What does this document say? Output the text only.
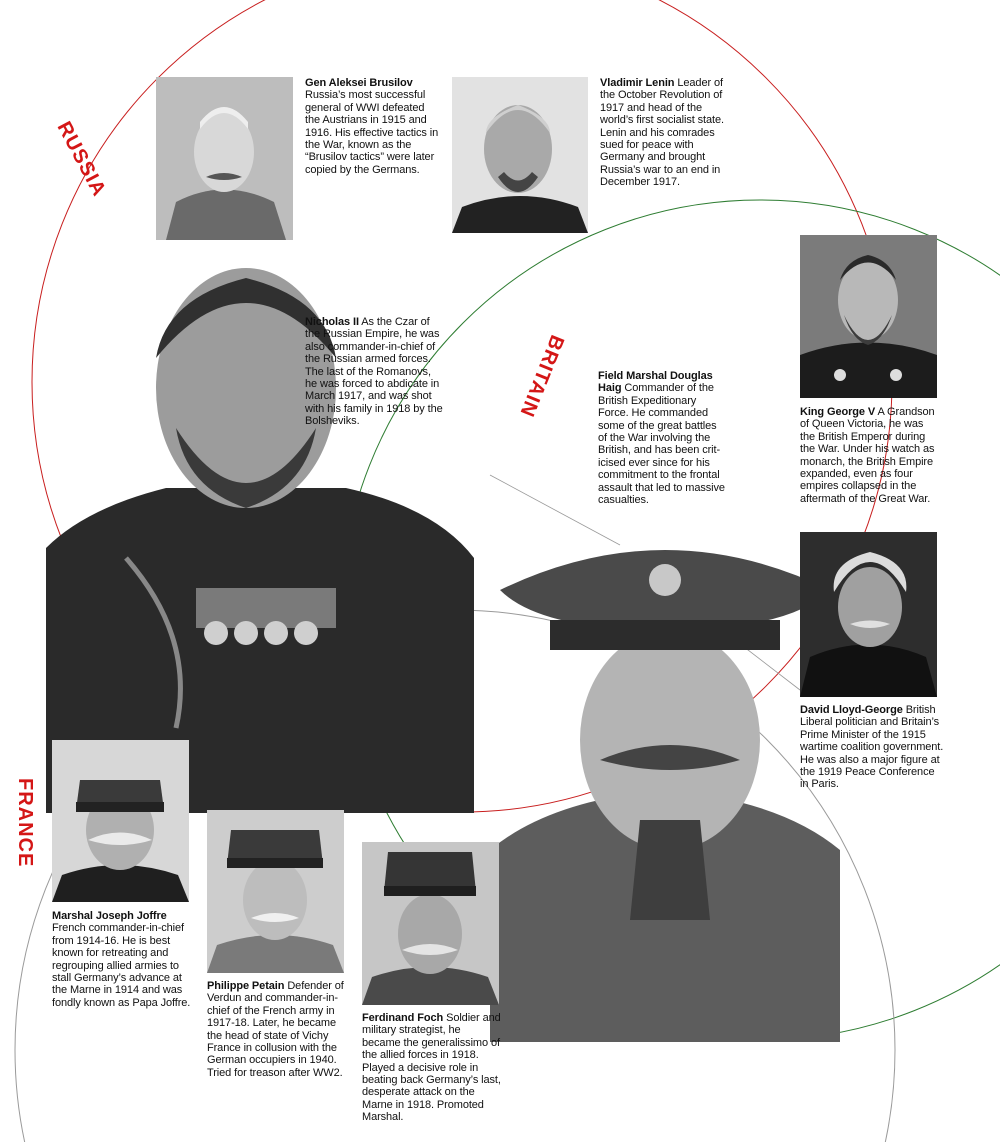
RUSSIA
BRITAIN
FRANCE
Gen Aleksei Brusilov Russia’s most successful general of WWI defeated the Austrians in 1915 and 1916. His effective tactics in the War, known as the “Brusilov tactics” were later copied by the Germans.
Vladimir Lenin Leader of the October Revolution of 1917 and head of the world’s first socialist state. Lenin and his comrades sued for peace with Germany and brought Russia’s war to an end in December 1917.
Nicholas II As the Czar of the Russian Empire, he was also commander-in-chief of the Russian armed forces. The last of the Romanovs, he was forced to abdicate in March 1917, and was shot with his family in 1918 by the Bolsheviks.
King George V A Grandson of Queen Victoria, he was the British Emperor during the War. Under his watch as monarch, the British Empire expanded, even as four empires collapsed in the aftermath of the Great War.
Field Marshal Douglas Haig Commander of the British Expeditionary Force. He commanded some of the great battles of the War involving the British, and has been crit-icised ever since for his commitment to the frontal assault that led to massive casualties.
David Lloyd-George British Liberal politician and Britain’s Prime Minister of the 1915 wartime coalition government. He was also a major figure at the 1919 Peace Conference in Paris.
Marshal Joseph Joffre French commander-in-chief from 1914-16. He is best known for retreating and regrouping allied armies to stall Germany’s advance at the Marne in 1914 and was fondly known as Papa Joffre.
Philippe Petain Defender of Verdun and commander-in-chief of the French army in 1917-18. Later, he became the head of state of Vichy France in collusion with the German occupiers in 1940. Tried for treason after WW2.
Ferdinand Foch Soldier and military strategist, he became the generalissimo of the allied forces in 1918. Played a decisive role in beating back Germany’s last, desperate attack on the Marne in 1918. Promoted Marshal.
